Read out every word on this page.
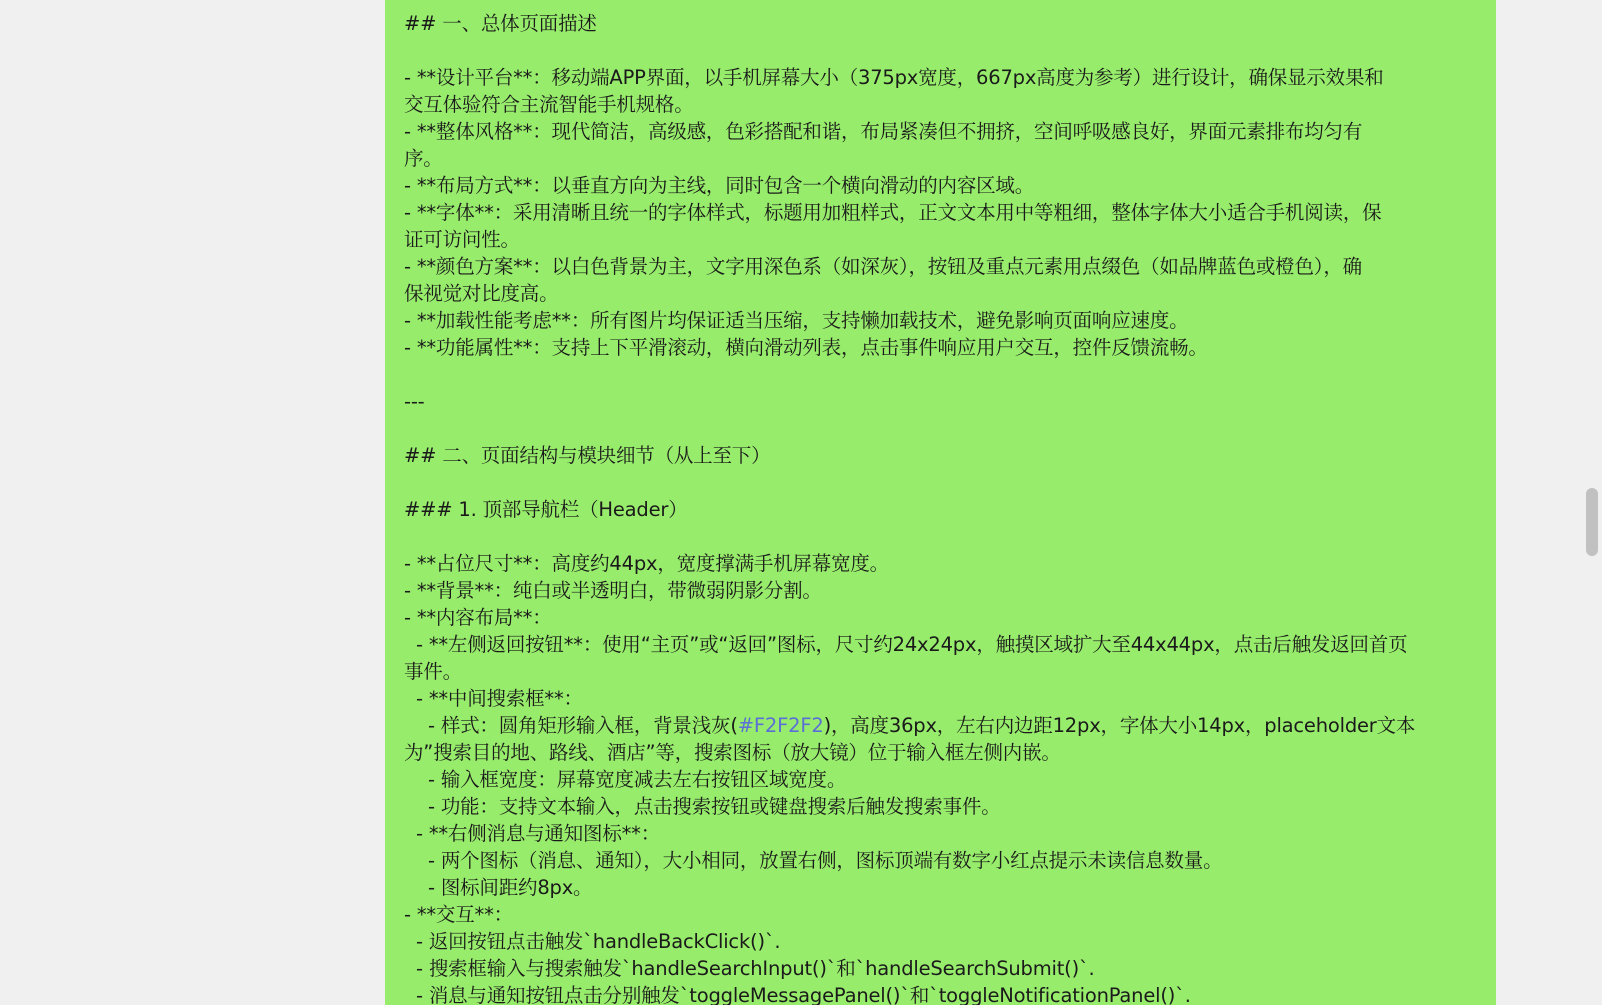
## 一、总体页面描述
- **设计平台**：移动端APP界面，以手机屏幕大小（375px宽度，667px高度为参考）进行设计，确保显示效果和
交互体验符合主流智能手机规格。
- **整体风格**：现代简洁，高级感，色彩搭配和谐，布局紧凑但不拥挤，空间呼吸感良好，界面元素排布均匀有
序。
- **布局方式**：以垂直方向为主线，同时包含一个横向滑动的内容区域。
- **字体**：采用清晰且统一的字体样式，标题用加粗样式，正文文本用中等粗细，整体字体大小适合手机阅读，保
证可访问性。
- **颜色方案**：以白色背景为主，文字用深色系（如深灰），按钮及重点元素用点缀色（如品牌蓝色或橙色），确
保视觉对比度高。
- **加载性能考虑**：所有图片均保证适当压缩，支持懒加载技术，避免影响页面响应速度。
- **功能属性**：支持上下平滑滚动，横向滑动列表，点击事件响应用户交互，控件反馈流畅。
---
## 二、页面结构与模块细节（从上至下）
### 1. 顶部导航栏（Header）
- **占位尺寸**：高度约44px，宽度撑满手机屏幕宽度。
- **背景**：纯白或半透明白，带微弱阴影分割。
- **内容布局**：
- **左侧返回按钮**：使用“主页”或“返回”图标，尺寸约24x24px，触摸区域扩大至44x44px，点击后触发返回首页
事件。
- **中间搜索框**：
- 样式：圆角矩形输入框，背景浅灰(#F2F2F2)，高度36px，左右内边距12px，字体大小14px，placeholder文本
为”搜索目的地、路线、酒店”等，搜索图标（放大镜）位于输入框左侧内嵌。
- 输入框宽度：屏幕宽度减去左右按钮区域宽度。
- 功能：支持文本输入，点击搜索按钮或键盘搜索后触发搜索事件。
- **右侧消息与通知图标**：
- 两个图标（消息、通知），大小相同，放置右侧，图标顶端有数字小红点提示未读信息数量。
- 图标间距约8px。
- **交互**：
- 返回按钮点击触发`handleBackClick()`.
- 搜索框输入与搜索触发`handleSearchInput()`和`handleSearchSubmit()`.
- 消息与通知按钮点击分别触发`toggleMessagePanel()`和`toggleNotificationPanel()`.
